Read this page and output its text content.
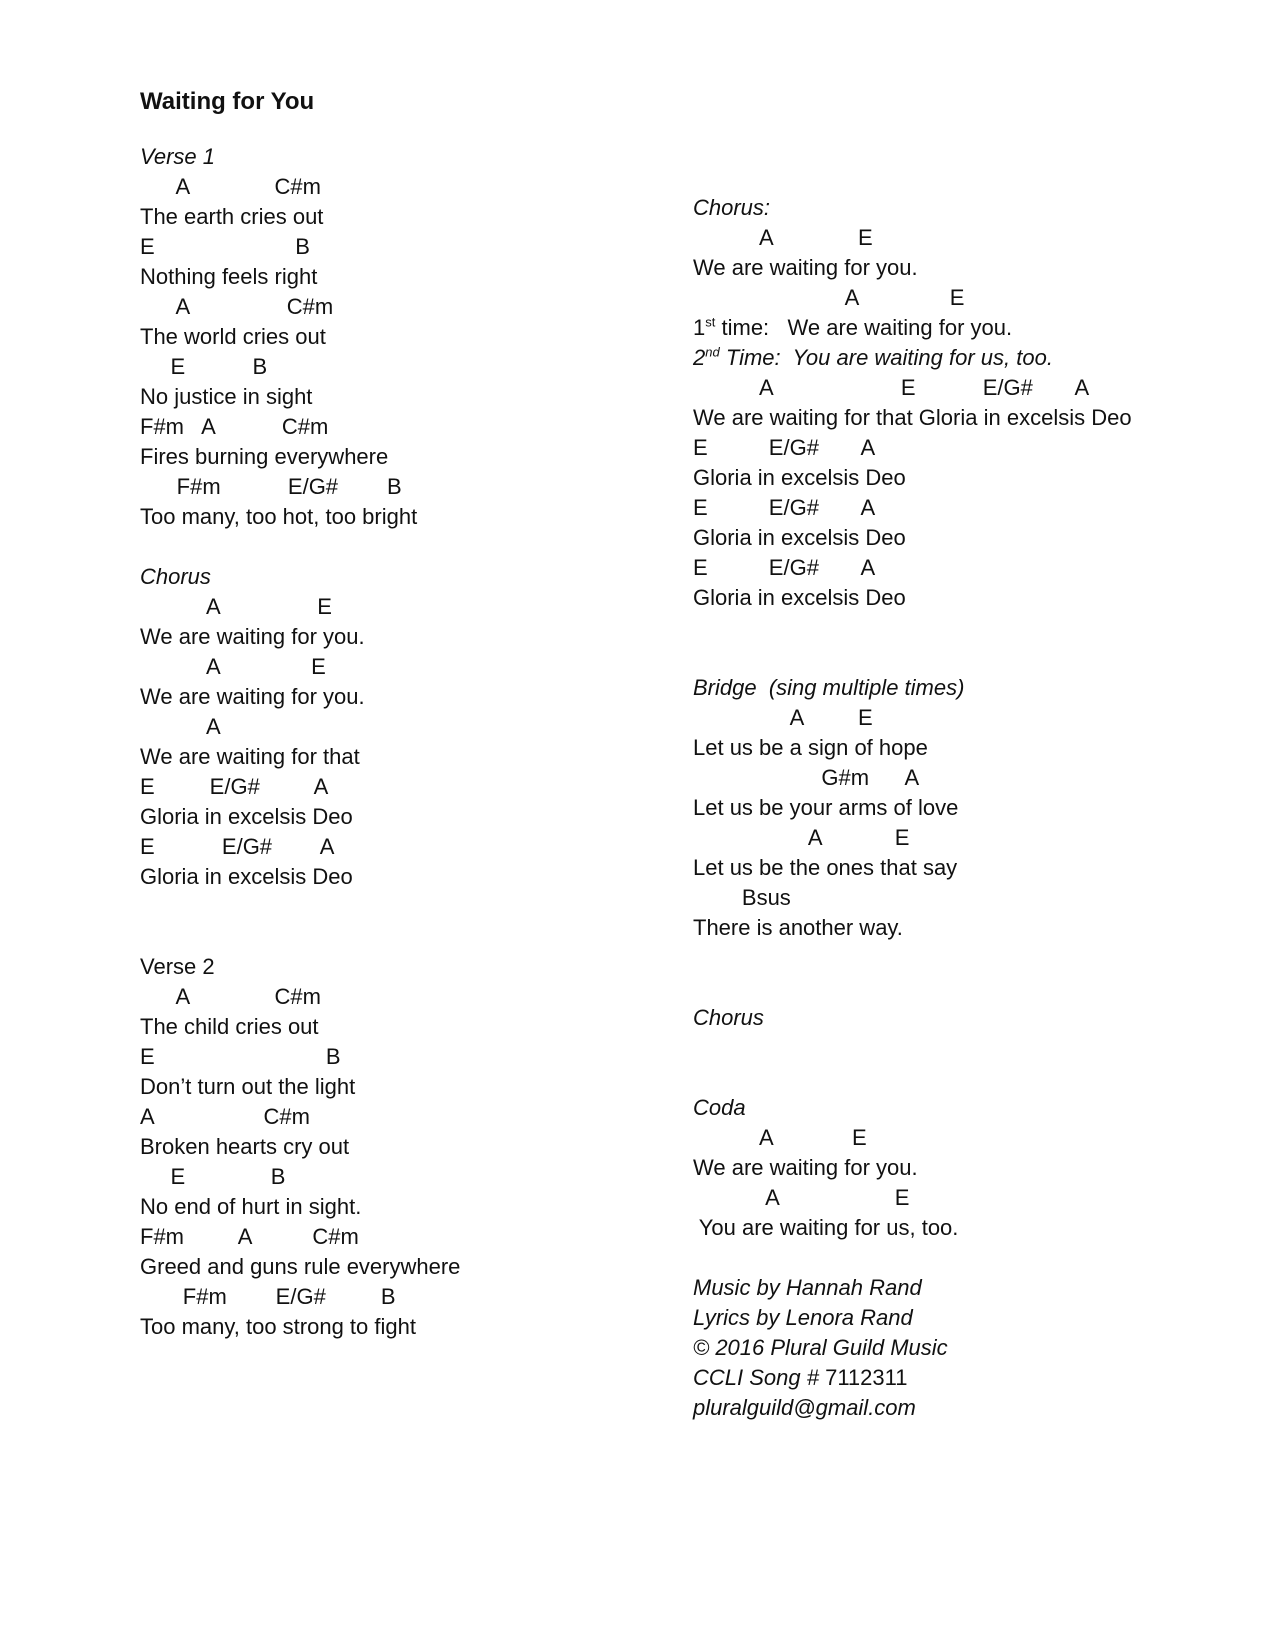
Waiting for You
Verse 1
A              C#m
The earth cries out
E                       B
Nothing feels right
A                C#m
The world cries out
E           B
No justice in sight
F#m   A           C#m
Fires burning everywhere
F#m           E/G#        B
Too many, too hot, too bright
Chorus
A                E
We are waiting for you.
A               E
We are waiting for you.
A
We are waiting for that
E         E/G#         A
Gloria in excelsis Deo
E           E/G#        A
Gloria in excelsis Deo
Verse 2
A              C#m
The child cries out
E                            B
Don’t turn out the light
A                  C#m
Broken hearts cry out
E              B
No end of hurt in sight.
F#m         A          C#m
Greed and guns rule everywhere
F#m        E/G#         B
Too many, too strong to fight
Chorus:
A              E
We are waiting for you.
A               E
1st time:   We are waiting for you.
2nd Time:  You are waiting for us, too.
A                     E           E/G#       A
We are waiting for that Gloria in excelsis Deo
E          E/G#       A
Gloria in excelsis Deo
E          E/G#       A
Gloria in excelsis Deo
E          E/G#       A
Gloria in excelsis Deo
Bridge  (sing multiple times)
A         E
Let us be a sign of hope
G#m      A
Let us be your arms of love
A            E
Let us be the ones that say
Bsus
There is another way.
Chorus
Coda
A             E
We are waiting for you.
A                   E
You are waiting for us, too.
Music by Hannah Rand
Lyrics by Lenora Rand
© 2016 Plural Guild Music
CCLI Song # 7112311
pluralguild@gmail.com
